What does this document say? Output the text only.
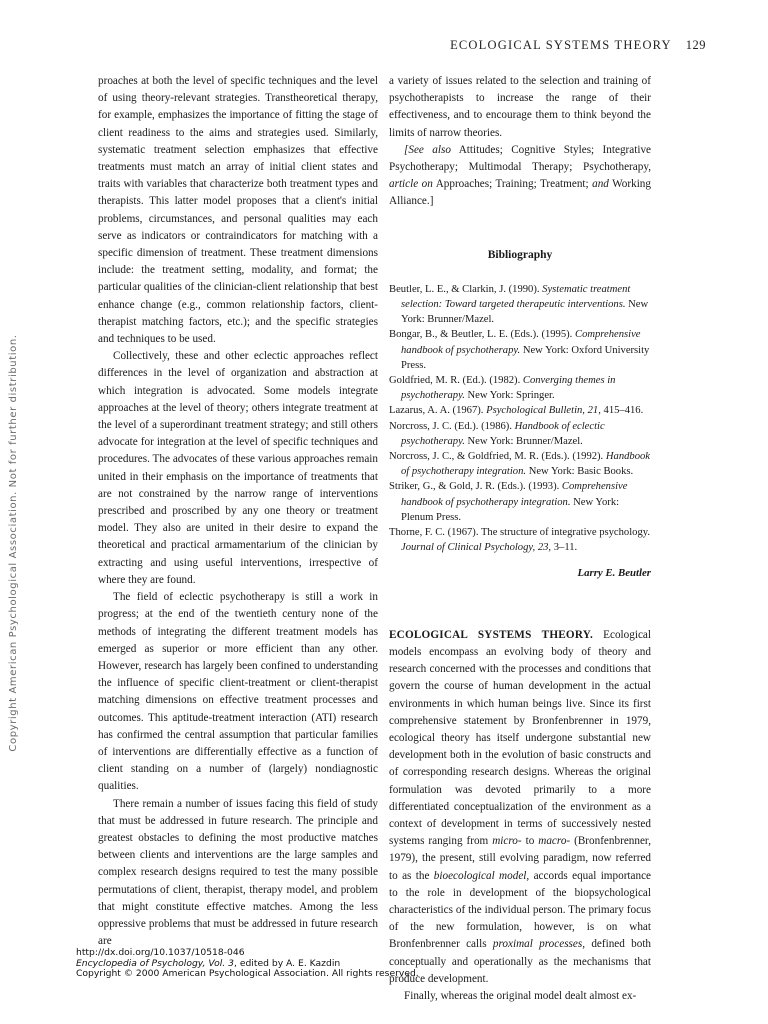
ECOLOGICAL SYSTEMS THEORY 129
Copyright American Psychological Association. Not for further distribution.

proaches at both the level of specific techniques and the level of using theory-relevant strategies. Transtheoretical therapy, for example, emphasizes the importance of fitting the stage of client readiness to the aims and strategies used. Similarly, systematic treatment selection emphasizes that effective treatments must match an array of initial client states and traits with variables that characterize both treatment types and therapists. This latter model proposes that a client's initial problems, circumstances, and personal qualities may each serve as indicators or contraindicators for matching with a specific dimension of treatment. These treatment dimensions include: the treatment setting, modality, and format; the particular qualities of the clinician-client relationship that best enhance change (e.g., common relationship factors, client-therapist matching factors, etc.); and the specific strategies and techniques to be used.

Collectively, these and other eclectic approaches reflect differences in the level of organization and abstraction at which integration is advocated. Some models integrate approaches at the level of theory; others integrate treatment at the level of a superordinant treatment strategy; and still others advocate for integration at the level of specific techniques and procedures. The advocates of these various approaches remain united in their emphasis on the importance of treatments that are not constrained by the narrow range of interventions prescribed and proscribed by any one theory or treatment model. They also are united in their desire to expand the theoretical and practical armamentarium of the clinician by extracting and using useful interventions, irrespective of where they are found.

The field of eclectic psychotherapy is still a work in progress; at the end of the twentieth century none of the methods of integrating the different treatment models has emerged as superior or more efficient than any other. However, research has largely been confined to understanding the influence of specific client-treatment or client-therapist matching dimensions on effective treatment processes and outcomes. This aptitude-treatment interaction (ATI) research has confirmed the central assumption that particular families of interventions are differentially effective as a function of client standing on a number of (largely) nondiagnostic qualities.

There remain a number of issues facing this field of study that must be addressed in future research. The principle and greatest obstacles to defining the most productive matches between clients and interventions are the large samples and complex research designs required to test the many possible permutations of client, therapist, therapy model, and problem that might constitute effective matches. Among the less oppressive problems that must be addressed in future research are

a variety of issues related to the selection and training of psychotherapists to increase the range of their effectiveness, and to encourage them to think beyond the limits of narrow theories.

[See also Attitudes; Cognitive Styles; Integrative Psychotherapy; Multimodal Therapy; Psychotherapy, article on Approaches; Training; Treatment; and Working Alliance.]

Bibliography

Beutler, L. E., & Clarkin, J. (1990). Systematic treatment selection: Toward targeted therapeutic interventions. New York: Brunner/Mazel.

Bongar, B., & Beutler, L. E. (Eds.). (1995). Comprehensive handbook of psychotherapy. New York: Oxford University Press.

Goldfried, M. R. (Ed.). (1982). Converging themes in psychotherapy. New York: Springer.

Lazarus, A. A. (1967). Psychological Bulletin, 21, 415–416.

Norcross, J. C. (Ed.). (1986). Handbook of eclectic psychotherapy. New York: Brunner/Mazel.

Norcross, J. C., & Goldfried, M. R. (Eds.). (1992). Handbook of psychotherapy integration. New York: Basic Books.

Striker, G., & Gold, J. R. (Eds.). (1993). Comprehensive handbook of psychotherapy integration. New York: Plenum Press.

Thorne, F. C. (1967). The structure of integrative psychology. Journal of Clinical Psychology, 23, 3–11.

Larry E. Beutler

ECOLOGICAL SYSTEMS THEORY. Ecological models encompass an evolving body of theory and research concerned with the processes and conditions that govern the course of human development in the actual environments in which human beings live. Since its first comprehensive statement by Bronfenbrenner in 1979, ecological theory has itself undergone substantial new development both in the evolution of basic constructs and of corresponding research designs. Whereas the original formulation was devoted primarily to a more differentiated conceptualization of the environment as a context of development in terms of successively nested systems ranging from micro- to macro- (Bronfenbrenner, 1979), the present, still evolving paradigm, now referred to as the bioecological model, accords equal importance to the role in development of the biopsychological characteristics of the individual person. The primary focus of the new formulation, however, is on what Bronfenbrenner calls proximal processes, defined both conceptually and operationally as the mechanisms that produce development.

Finally, whereas the original model dealt almost ex-

http://dx.doi.org/10.1037/10518-046
Encyclopedia of Psychology, Vol. 3, edited by A. E. Kazdin
Copyright © 2000 American Psychological Association. All rights reserved.
